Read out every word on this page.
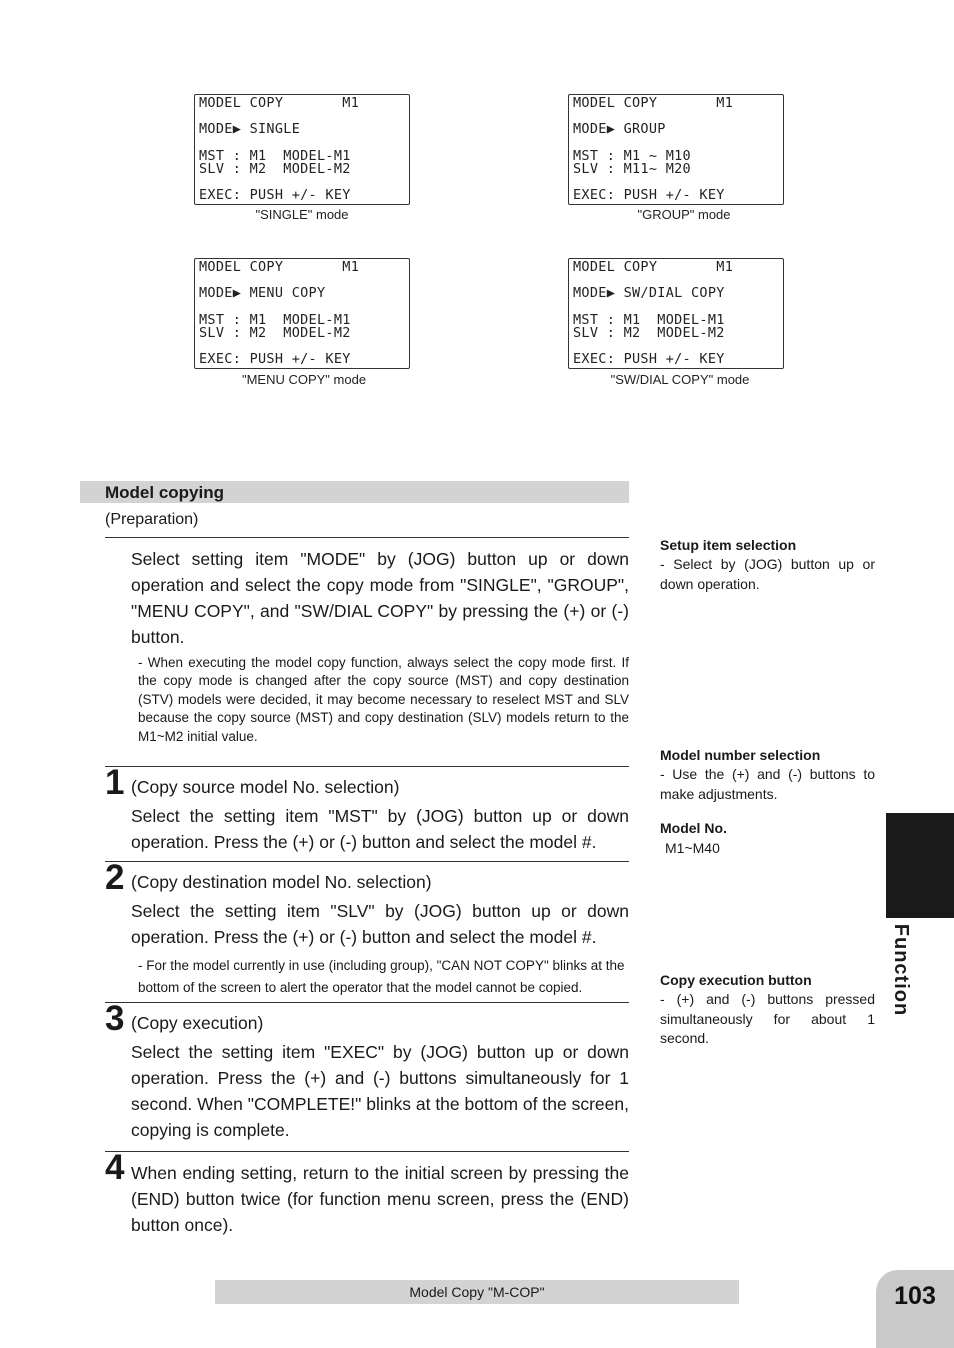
MODEL COPY       M1
MODE▶ SINGLE
MST : M1  MODEL-M1
SLV : M2  MODEL-M2
EXEC: PUSH +/- KEY
"SINGLE" mode
MODEL COPY       M1
MODE▶ GROUP
MST : M1 ~ M10
SLV : M11~ M20
EXEC: PUSH +/- KEY
"GROUP" mode
MODEL COPY       M1
MODE▶ MENU COPY
MST : M1  MODEL-M1
SLV : M2  MODEL-M2
EXEC: PUSH +/- KEY
"MENU COPY" mode
MODEL COPY       M1
MODE▶ SW/DIAL COPY
MST : M1  MODEL-M1
SLV : M2  MODEL-M2
EXEC: PUSH +/- KEY
"SW/DIAL COPY" mode
Model copying
(Preparation)

Select setting item "MODE" by (JOG) button up or down operation and select the copy mode from "SINGLE", "GROUP", "MENU COPY", and "SW/DIAL COPY" by pressing the (+) or (-) button.

- When executing the model copy function, always select the copy mode first. If the copy mode is changed after the copy source (MST) and copy destination (STV) models were decided, it may become necessary to reselect MST and SLV because the copy source (MST) and copy destination (SLV) models return to the M1~M2 initial value.

1 (Copy source model No. selection)

Select the setting item "MST" by (JOG) button up or down operation. Press the (+) or (-) button and select the model #.

2 (Copy destination model No. selection)

Select the setting item "SLV" by (JOG) button up or down operation. Press the (+) or (-) button and select the model #.

- For the model currently in use (including group), "CAN NOT COPY" blinks at the bottom of the screen to alert the operator that the model cannot be copied.

3 (Copy execution)

Select the setting item "EXEC" by (JOG) button up or down operation. Press the (+) and (-) buttons simultaneously for 1 second. When "COMPLETE!" blinks at the bottom of the screen, copying is complete.

4 When ending setting, return to the initial screen by pressing the (END) button twice (for function menu screen, press the (END) button once).

Setup item selection

- Select by (JOG) button up or down operation.

Model number selection

- Use the (+) and (-) buttons to make adjustments.

Model No.

M1~M40

Copy execution button

- (+) and (-) buttons pressed simultaneously for about 1 second.

Function
Model Copy "M-COP"	103
